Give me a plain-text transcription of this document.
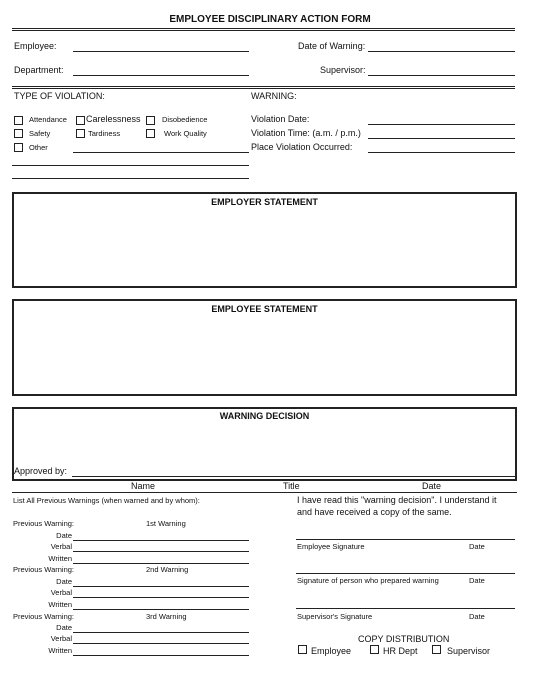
EMPLOYEE DISCIPLINARY ACTION FORM
Employee:	Date of Warning:
Department:	Supervisor:
TYPE OF VIOLATION:
Attendance Carelessness	Disobedience
Safety	Tardiness	Work Quality
Other
WARNING:
Violation Date:
Violation Time: (a.m. / p.m.)
Place Violation Occurred:
EMPLOYER STATEMENT
EMPLOYEE STATEMENT
WARNING DECISION
Approved by:
Name	Title	Date
List All Previous Warnings (when warned and by whom):
Previous Warning:	1st Warning
Date
Verbal
Written
Previous Warning:	2nd Warning
Date
Verbal
Written
Previous Warning:	3rd Warning
Date
Verbal
Written
I have read this "warning decision". I understand it
and have received a copy of the same.
Employee Signature	Date
Signature of person who prepared warning	Date
Supervisor's Signature	Date
COPY DISTRIBUTION
Employee	HR Dept	Supervisor
